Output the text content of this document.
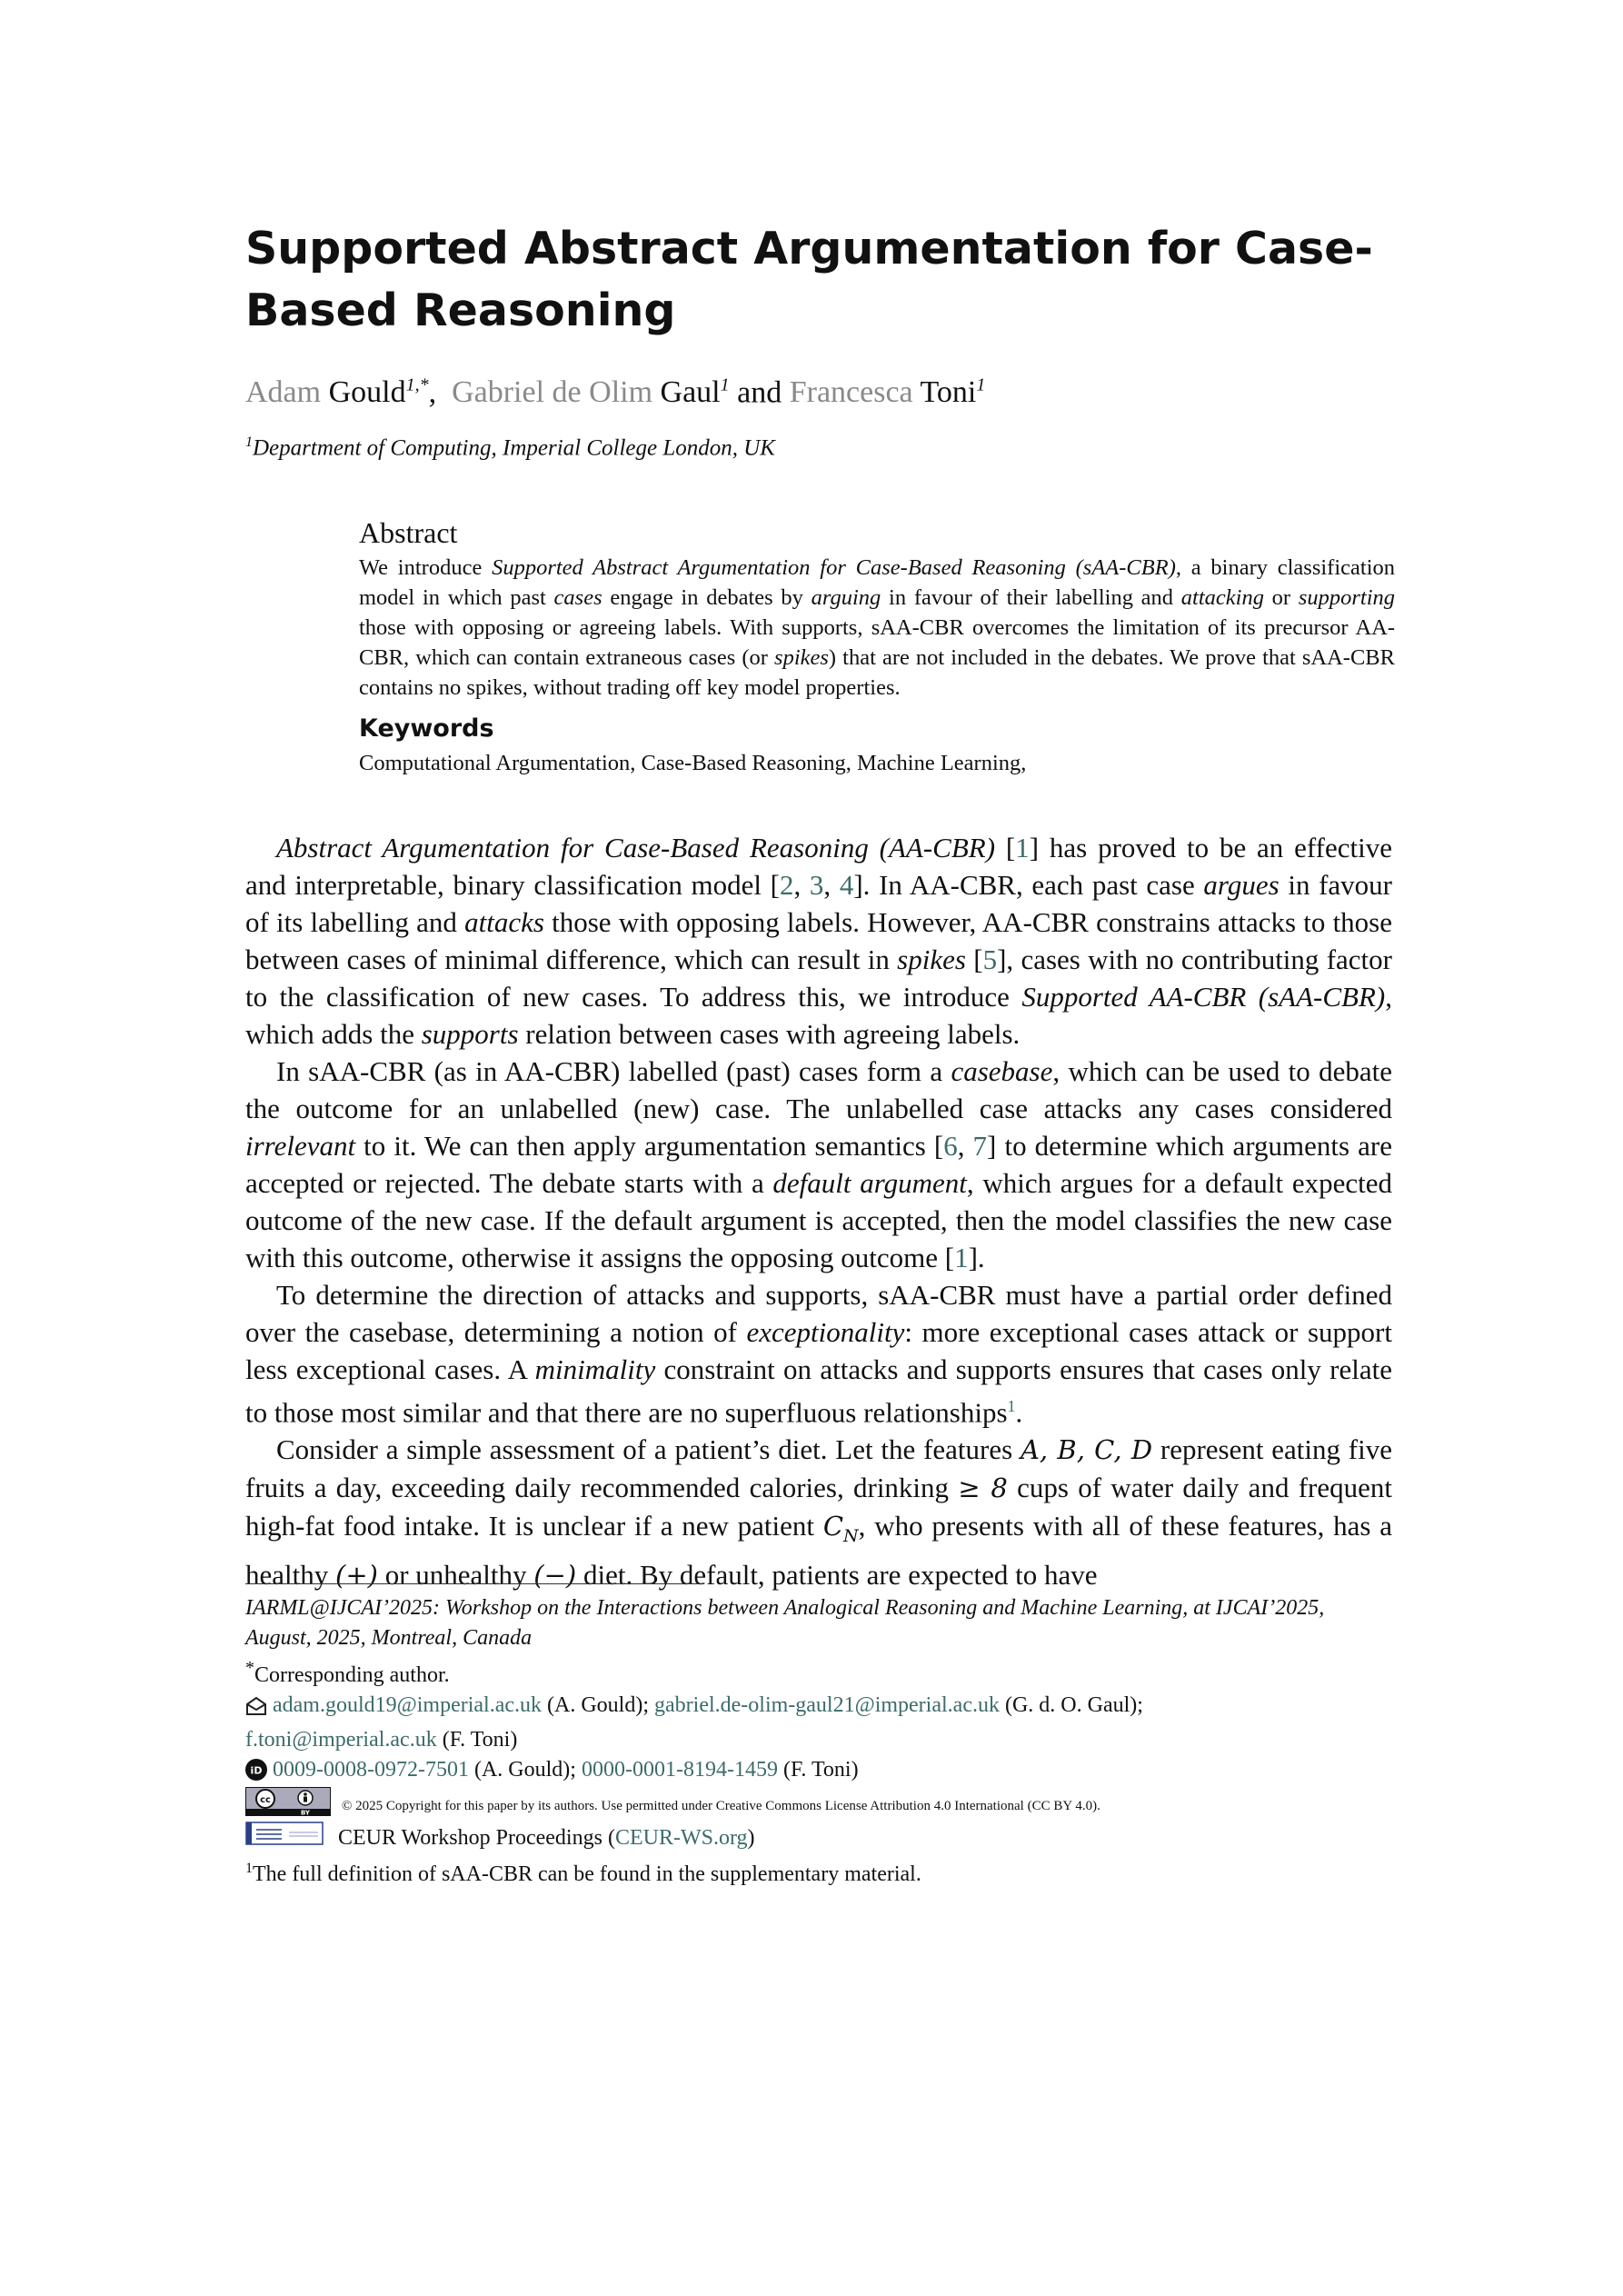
Supported Abstract Argumentation for Case-Based Reasoning
Adam Gould$^{1,*}$,  Gabriel de Olim Gaul$^1$ and Francesca Toni$^1$
$^1$Department of Computing, Imperial College London, UK
Abstract

We introduce Supported Abstract Argumentation for Case-Based Reasoning (sAA-CBR), a binary classification model in which past cases engage in debates by arguing in favour of their labelling and attacking or supporting those with opposing or agreeing labels. With supports, sAA-CBR overcomes the limitation of its precursor AA-CBR, which can contain extraneous cases (or spikes) that are not included in the debates. We prove that sAA-CBR contains no spikes, without trading off key model properties.

Keywords
Computational Argumentation, Case-Based Reasoning, Machine Learning,

Abstract Argumentation for Case-Based Reasoning (AA-CBR) [1] has proved to be an effective and interpretable, binary classification model [2, 3, 4]. In AA-CBR, each past case argues in favour of its labelling and attacks those with opposing labels. However, AA-CBR constrains attacks to those between cases of minimal difference, which can result in spikes [5], cases with no contributing factor to the classification of new cases. To address this, we introduce Supported AA-CBR (sAA-CBR), which adds the supports relation between cases with agreeing labels.

In sAA-CBR (as in AA-CBR) labelled (past) cases form a casebase, which can be used to debate the outcome for an unlabelled (new) case. The unlabelled case attacks any cases considered irrelevant to it. We can then apply argumentation semantics [6, 7] to determine which arguments are accepted or rejected. The debate starts with a default argument, which argues for a default expected outcome of the new case. If the default argument is accepted, then the model classifies the new case with this outcome, otherwise it assigns the opposing outcome [1].

To determine the direction of attacks and supports, sAA-CBR must have a partial order defined over the casebase, determining a notion of exceptionality: more exceptional cases attack or support less exceptional cases. A minimality constraint on attacks and supports ensures that cases only relate to those most similar and that there are no superfluous relationships$^1$.

Consider a simple assessment of a patient’s diet. Let the features A, B, C, D represent eating five fruits a day, exceeding daily recommended calories, drinking ≥ 8 cups of water daily and frequent high-fat food intake. It is unclear if a new patient $C_N$, who presents with all of these features, has a healthy (+) or unhealthy (−) diet. By default, patients are expected to have

IARML@IJCAI’2025: Workshop on the Interactions between Analogical Reasoning and Machine Learning, at IJCAI’2025, August, 2025, Montreal, Canada
*Corresponding author.
adam.gould19@imperial.ac.uk (A. Gould); gabriel.de-olim-gaul21@imperial.ac.uk (G. d. O. Gaul);
f.toni@imperial.ac.uk (F. Toni)
iD 0009-0008-0972-7501 (A. Gould); 0000-0001-8194-1459 (F. Toni)
cc
BY © 2025 Copyright for this paper by its authors. Use permitted under Creative Commons License Attribution 4.0 International (CC BY 4.0).
CEUR Workshop Proceedings (CEUR-WS.org)
$^1$The full definition of sAA-CBR can be found in the supplementary material.
